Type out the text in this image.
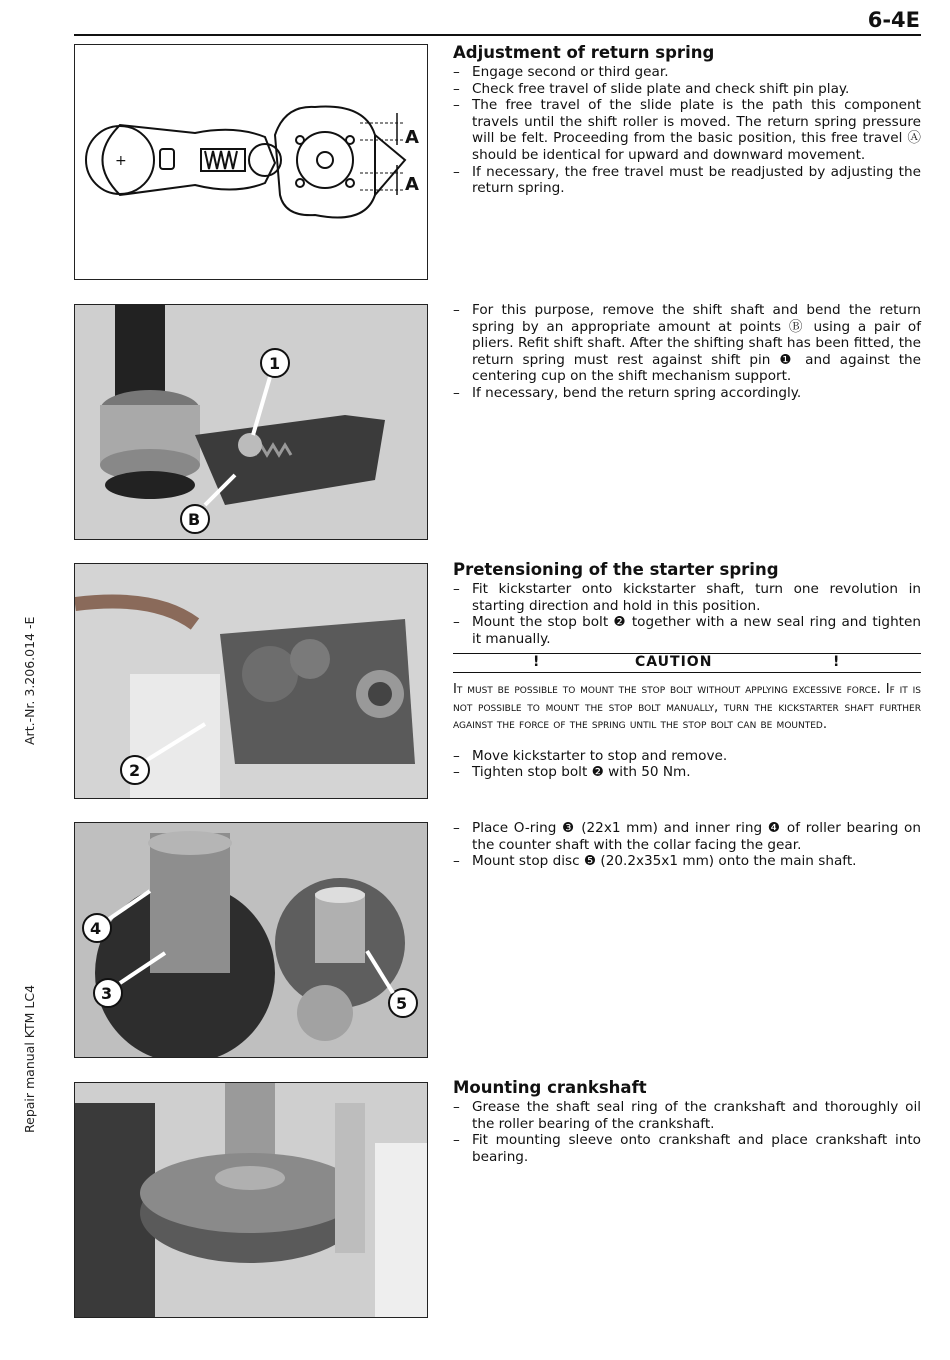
6-4E
Art.-Nr. 3.206.014 -E
Repair manual KTM LC4
A
A
+
1
B
2
4
3
5
Adjustment of return spring
– Engage second or third gear.
– Check free travel of slide plate and check shift pin play.
– The free travel of the slide plate is the path this component travels until the shift roller is moved. The return spring pressure will be felt. Proceeding from the basic position, this free travel Ⓐ should be identical for upward and downward movement.
– If necessary, the free travel must be readjusted by adjusting the return spring.
– For this purpose, remove the shift shaft and bend the return spring by an appropriate amount at points Ⓑ using a pair of pliers. Refit shift shaft. After the shifting shaft has been fitted, the return spring must rest against shift pin ❶ and against the centering cup on the shift mechanism support.
– If necessary, bend the return spring accordingly.
Pretensioning of the starter spring
– Fit kickstarter onto kickstarter shaft, turn one revolution in starting direction and hold in this position.
– Mount the stop bolt ❷ together with a new seal ring and tighten it manually.
!	CAUTION	!
It must be possible to mount the stop bolt without applying excessive force. If it is not possible to mount the stop bolt manually, turn the kickstarter shaft further against the force of the spring until the stop bolt can be mounted.
– Move kickstarter to stop and remove.
– Tighten stop bolt ❷ with 50 Nm.
– Place O-ring ❸ (22x1 mm) and inner ring ❹ of roller bearing on the counter shaft with the collar facing the gear.
– Mount stop disc ❺ (20.2x35x1 mm) onto the main shaft.
Mounting crankshaft
– Grease the shaft seal ring of the crankshaft and thoroughly oil the roller bearing of the crankshaft.
– Fit mounting sleeve onto crankshaft and place crankshaft into bearing.
